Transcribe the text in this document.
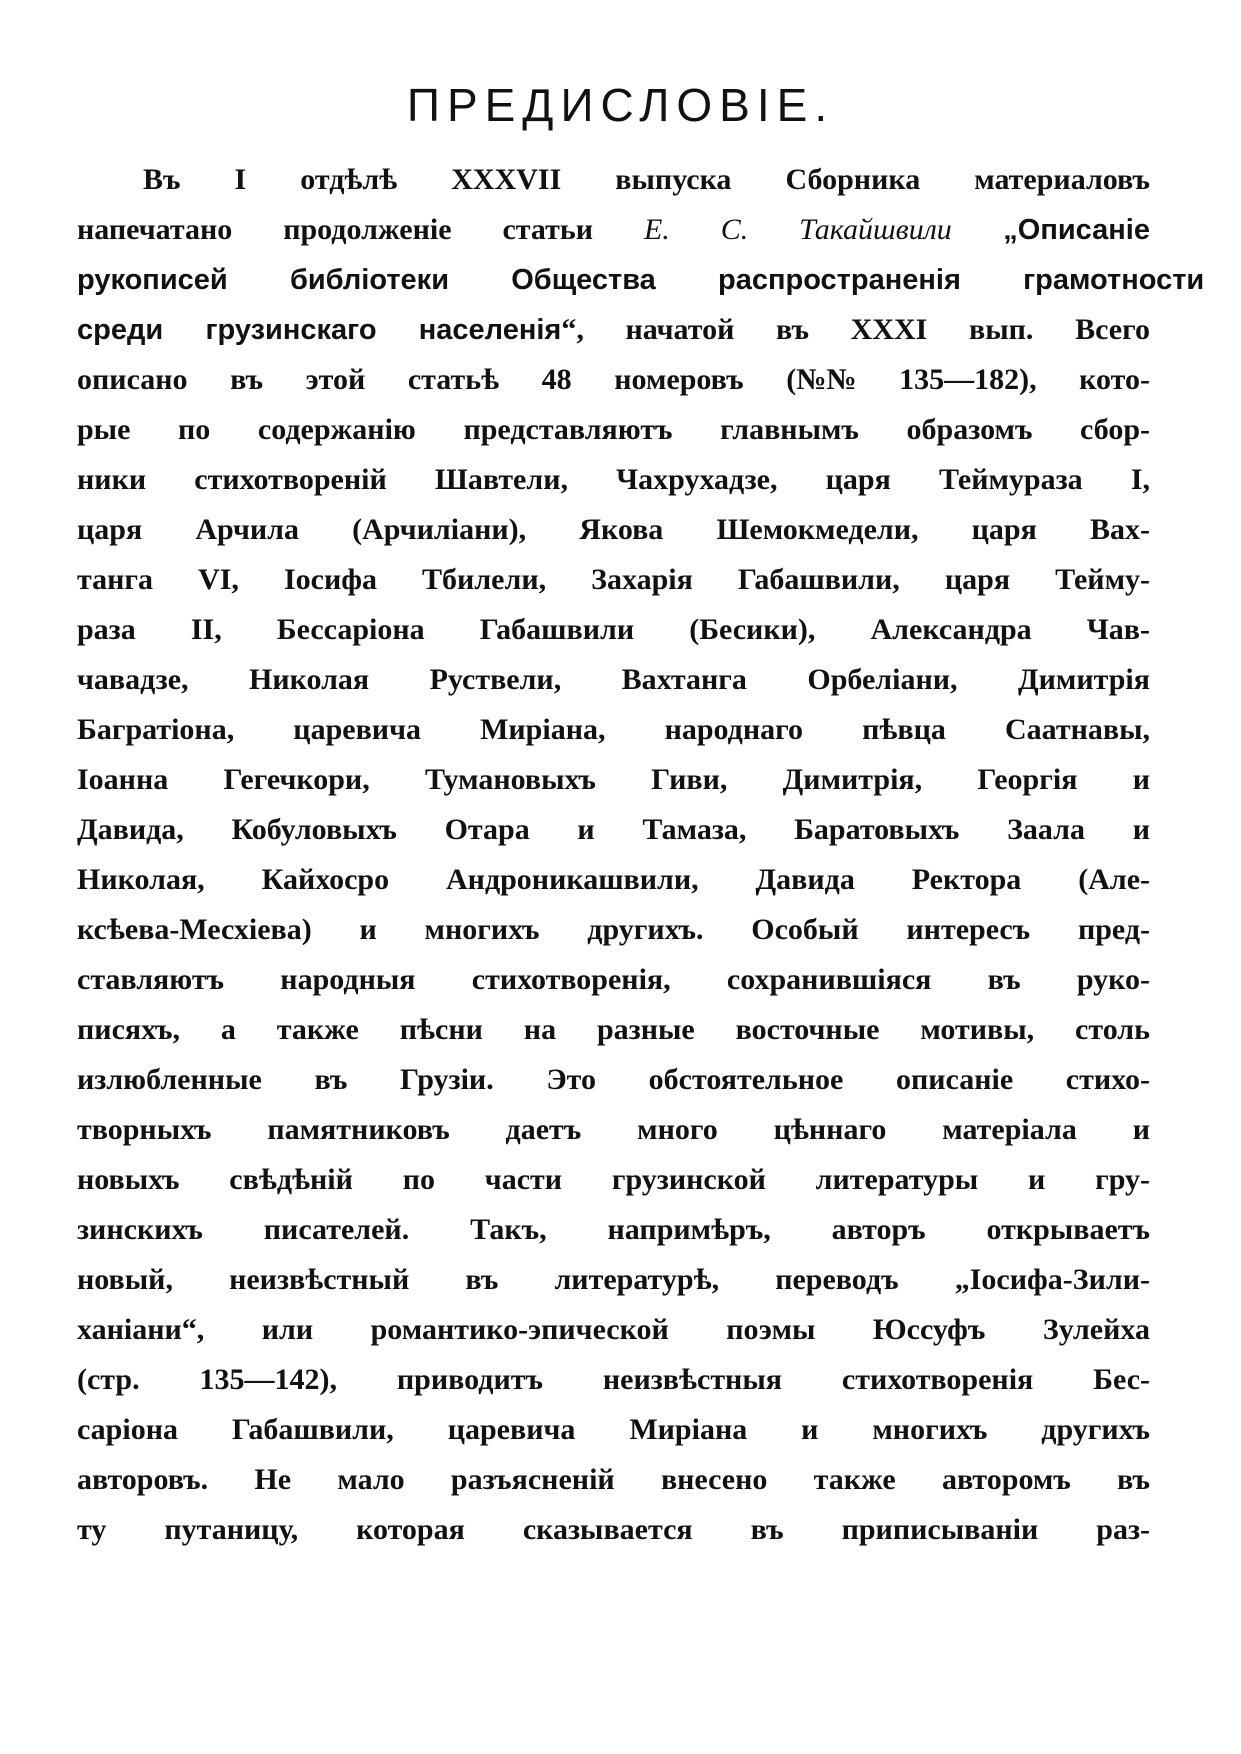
ПРЕДИСЛОВІЕ.
Въ I отдѣлѣ XXXVII выпуска Сборника материаловъ
напечатано продолженіе статьи Е. С. Такайшвили „Описаніе
рукописей библіотеки Общества распространенія грамотности
среди грузинскаго населенія“, начатой въ XXXI вып. Всего
описано въ этой статьѣ 48 номеровъ (№№ 135—182), кото-
рые по содержанію представляютъ главнымъ образомъ сбор-
ники стихотвореній Шавтели, Чахрухадзе, царя Теймураза I,
царя Арчила (Арчиліани), Якова Шемокмедели, царя Вах-
танга VI, Іосифа Тбилели, Захарія Габашвили, царя Тейму-
раза II, Бессаріона Габашвили (Бесики), Александра Чав-
чавадзе, Николая Руствели, Вахтанга Орбеліани, Димитрія
Багратіона, царевича Миріана, народнаго пѣвца Саатнавы,
Іоанна Гегечкори, Тумановыхъ Гиви, Димитрія, Георгія и
Давида, Кобуловыхъ Отара и Тамаза, Баратовыхъ Заала и
Николая, Кайхосро Андроникашвили, Давида Ректора (Але-
ксѣева-Месхіева) и многихъ другихъ. Особый интересъ пред-
ставляютъ народныя стихотворенія, сохранившіяся въ руко-
писяхъ, а также пѣсни на разные восточные мотивы, столь
излюбленные въ Грузіи. Это обстоятельное описаніе стихо-
творныхъ памятниковъ даетъ много цѣннаго матеріала и
новыхъ свѣдѣній по части грузинской литературы и гру-
зинскихъ писателей. Такъ, напримѣръ, авторъ открываетъ
новый, неизвѣстный въ литературѣ, переводъ „Іосифа-Зили-
ханіани“, или романтико-эпической поэмы Юссуфъ Зулейха
(стр. 135—142), приводитъ неизвѣстныя стихотворенія Бес-
саріона Габашвили, царевича Миріана и многихъ другихъ
авторовъ. Не мало разъясненій внесено также авторомъ въ
ту путаницу, которая сказывается въ приписываніи раз-
